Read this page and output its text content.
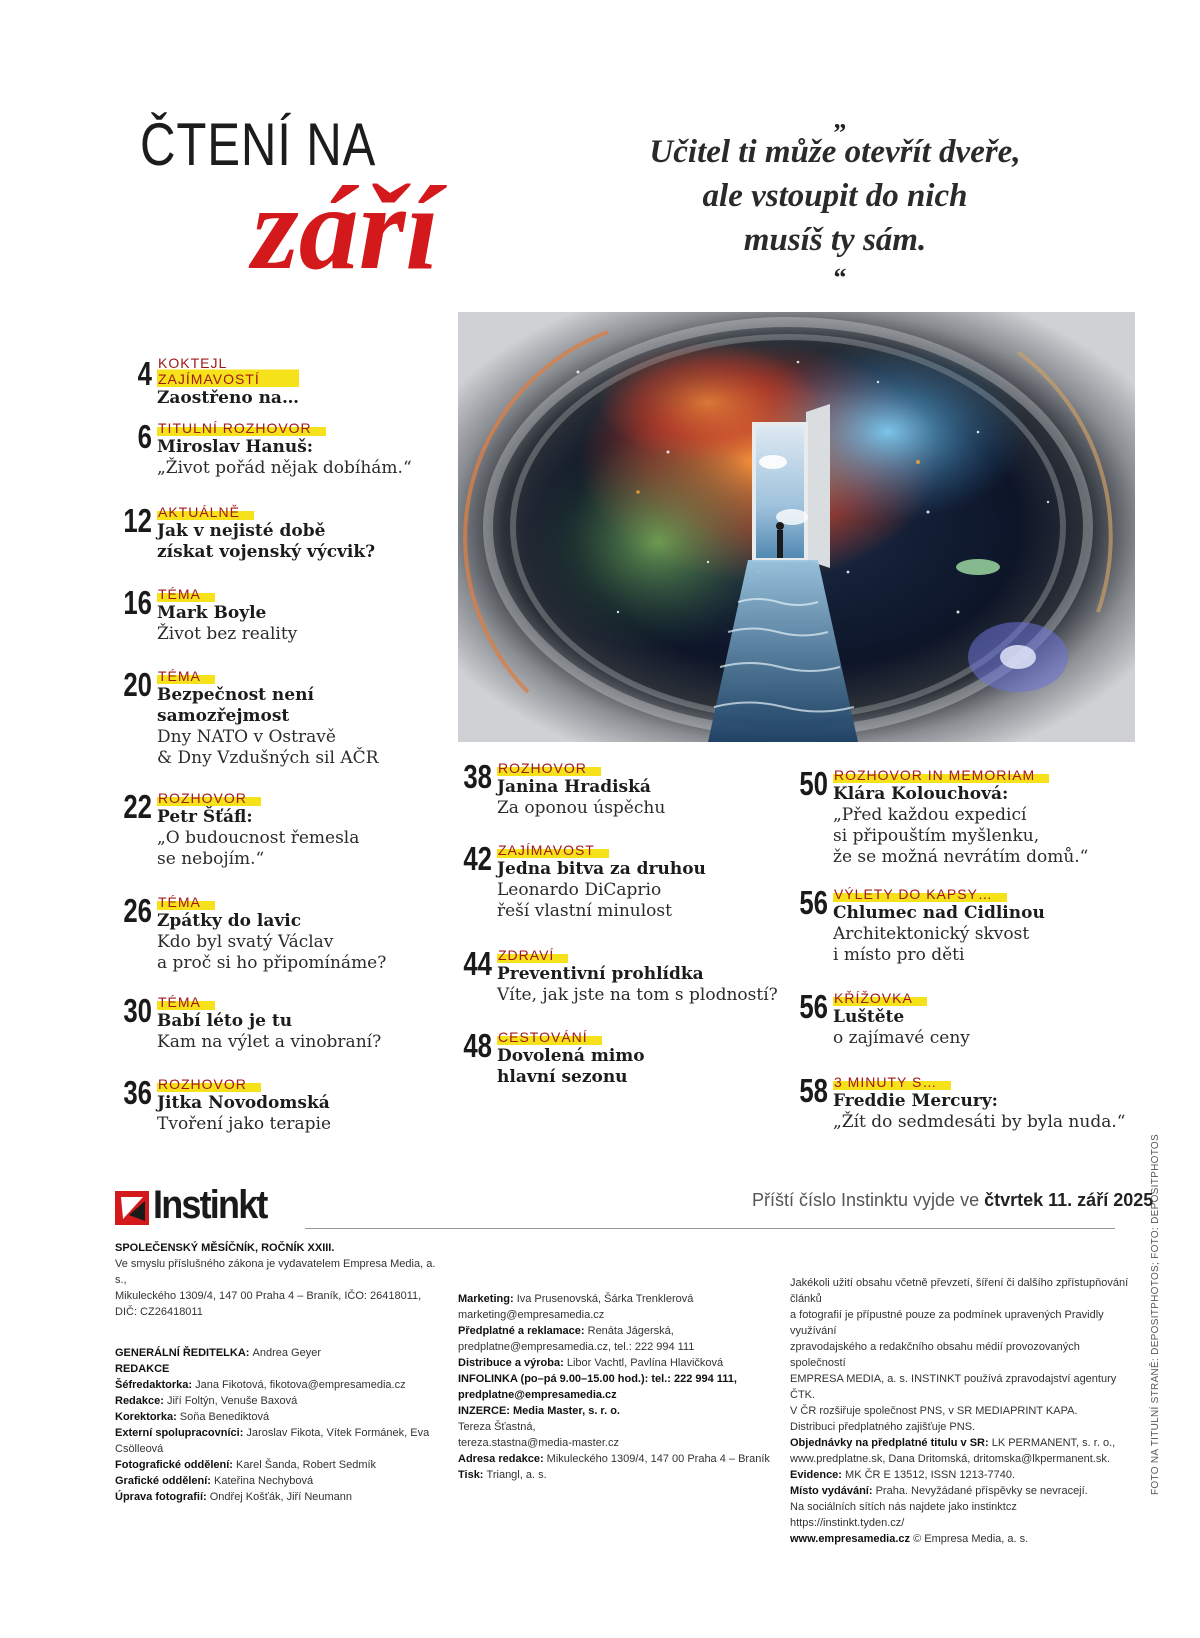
ČTENÍ NA
září
„
Učitel ti může otevřít dveře,
ale vstoupit do nich
musíš ty sám.
“
4 KOKTEJL ZAJÍMAVOSTÍ
Zaostřeno na…
6 TITULNÍ ROZHOVOR
Miroslav Hanuš:
„Život pořád nějak dobíhám.“
12 AKTUÁLNĚ
Jak v nejisté době
získat vojenský výcvik?
16 TÉMA
Mark Boyle
Život bez reality
20 TÉMA
Bezpečnost není
samozřejmost
Dny NATO v Ostravě
& Dny Vzdušných sil AČR
22 ROZHOVOR
Petr Šťáfl:
„O budoucnost řemesla
se nebojím.“
26 TÉMA
Zpátky do lavic
Kdo byl svatý Václav
a proč si ho připomínáme?
30 TÉMA
Babí léto je tu
Kam na výlet a vinobraní?
36 ROZHOVOR
Jitka Novodomská
Tvoření jako terapie
38 ROZHOVOR
Janina Hradiská
Za oponou úspěchu
42 ZAJÍMAVOST
Jedna bitva za druhou
Leonardo DiCaprio
řeší vlastní minulost
44 ZDRAVÍ
Preventivní prohlídka
Víte, jak jste na tom s plodností?
48 CESTOVÁNÍ
Dovolená mimo
hlavní sezonu
50 ROZHOVOR IN MEMORIAM
Klára Kolouchová:
„Před každou expedicí
si připouštím myšlenku,
že se možná nevrátím domů.“
56 VÝLETY DO KAPSY…
Chlumec nad Cidlinou
Architektonický skvost
i místo pro děti
56 KŘÍŽOVKA
Luštěte
o zajímavé ceny
58 3 MINUTY S…
Freddie Mercury:
„Žít do sedmdesáti by byla nuda.“
Instinkt	Příští číslo Instinktu vyjde ve čtvrtek 11. září 2025
SPOLEČENSKÝ MĚSÍČNÍK, ROČNÍK XXIII.
Ve smyslu příslušného zákona je vydavatelem Empresa Media, a. s.,
Mikuleckého 1309/4, 147 00 Praha 4 – Braník, IČO: 26418011,
DIČ: CZ26418011
GENERÁLNÍ ŘEDITELKA: Andrea Geyer
REDAKCE
Šéfredaktorka: Jana Fikotová, fikotova@empresamedia.cz
Redakce: Jiří Foltýn, Venuše Baxová
Korektorka: Soňa Benediktová
Externí spolupracovníci: Jaroslav Fikota, Vítek Formánek, Eva Csölleová
Fotografické oddělení: Karel Šanda, Robert Sedmík
Grafické oddělení: Kateřina Nechybová
Úprava fotografií: Ondřej Košťák, Jiří Neumann
Marketing: Iva Prusenovská, Šárka Trenklerová
marketing@empresamedia.cz
Předplatné a reklamace: Renáta Jágerská,
predplatne@empresamedia.cz, tel.: 222 994 111
Distribuce a výroba: Libor Vachtl, Pavlína Hlavičková
INFOLINKA (po–pá 9.00–15.00 hod.): tel.: 222 994 111,
predplatne@empresamedia.cz
INZERCE: Media Master, s. r. o.
Tereza Šťastná,
tereza.stastna@media-master.cz
Adresa redakce: Mikuleckého 1309/4, 147 00 Praha 4 – Braník
Tisk: Triangl, a. s.
Jakékoli užití obsahu včetně převzetí, šíření či dalšího zpřístupňování článků
a fotografií je přípustné pouze za podmínek upravených Pravidly využívání
zpravodajského a redakčního obsahu médií provozovaných společností
EMPRESA MEDIA, a. s. INSTINKT používá zpravodajství agentury ČTK.
V ČR rozšiřuje společnost PNS, v SR MEDIAPRINT KAPA.
Distribuci předplatného zajišťuje PNS.
Objednávky na předplatné titulu v SR: LK PERMANENT, s. r. o.,
www.predplatne.sk, Dana Dritomská, dritomska@lkpermanent.sk.
Evidence: MK ČR E 13512, ISSN 1213-7740.
Místo vydávání: Praha. Nevyžádané příspěvky se nevracejí.
Na sociálních sítích nás najdete jako instinktcz
https://instinkt.tyden.cz/
www.empresamedia.cz © Empresa Media, a. s.
FOTO NA TITULNÍ STRANĚ: DEPOSITPHOTOS; FOTO: DEPOSITPHOTOS
